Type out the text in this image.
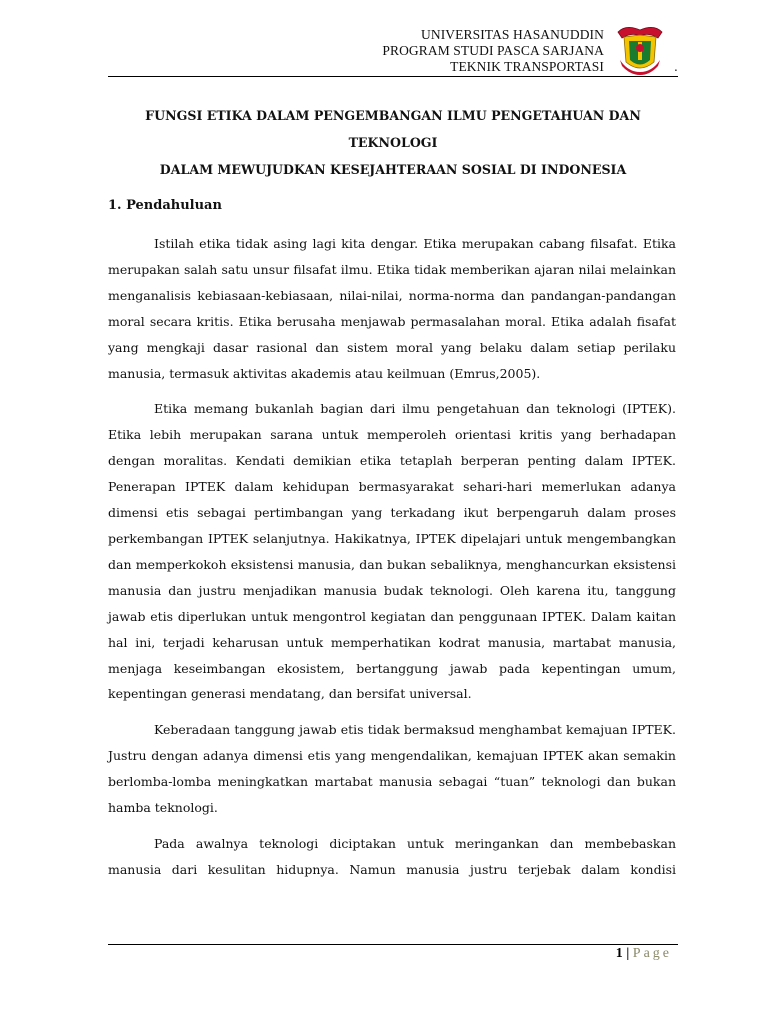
UNIVERSITAS HASANUDDIN
PROGRAM STUDI PASCA SARJANA
TEKNIK TRANSPORTASI	.
FUNGSI ETIKA DALAM PENGEMBANGAN ILMU PENGETAHUAN DAN TEKNOLOGI
DALAM MEWUJUDKAN KESEJAHTERAAN SOSIAL DI INDONESIA
1. Pendahuluan

Istilah etika tidak asing lagi kita dengar. Etika merupakan cabang filsafat. Etika merupakan salah satu unsur filsafat ilmu. Etika tidak memberikan ajaran nilai melainkan menganalisis kebiasaan-kebiasaan, nilai-nilai, norma-norma dan pandangan-pandangan moral secara kritis. Etika berusaha menjawab permasalahan moral. Etika adalah fisafat yang mengkaji dasar rasional dan sistem moral yang belaku dalam setiap perilaku manusia, termasuk aktivitas akademis atau keilmuan (Emrus,2005).

Etika memang bukanlah bagian dari ilmu pengetahuan dan teknologi (IPTEK). Etika lebih merupakan sarana untuk memperoleh orientasi kritis yang berhadapan dengan moralitas. Kendati demikian etika tetaplah berperan penting dalam IPTEK. Penerapan IPTEK dalam kehidupan bermasyarakat sehari-hari memerlukan adanya dimensi etis sebagai pertimbangan yang terkadang ikut berpengaruh dalam proses perkembangan IPTEK selanjutnya. Hakikatnya, IPTEK dipelajari untuk mengembangkan dan memperkokoh eksistensi manusia, dan bukan sebaliknya, menghancurkan eksistensi manusia dan justru menjadikan manusia budak teknologi. Oleh karena itu, tanggung jawab etis diperlukan untuk mengontrol kegiatan dan penggunaan IPTEK. Dalam kaitan hal ini, terjadi keharusan untuk memperhatikan kodrat manusia, martabat manusia, menjaga keseimbangan ekosistem, bertanggung jawab pada kepentingan umum, kepentingan generasi mendatang, dan bersifat universal.

Keberadaan tanggung jawab etis tidak bermaksud menghambat kemajuan IPTEK. Justru dengan adanya dimensi etis yang mengendalikan, kemajuan IPTEK akan semakin berlomba-lomba meningkatkan martabat manusia sebagai “tuan” teknologi dan bukan hamba teknologi.

Pada awalnya teknologi diciptakan untuk meringankan dan membebaskan manusia dari kesulitan hidupnya. Namun manusia justru terjebak dalam kondisi

1 | Page
